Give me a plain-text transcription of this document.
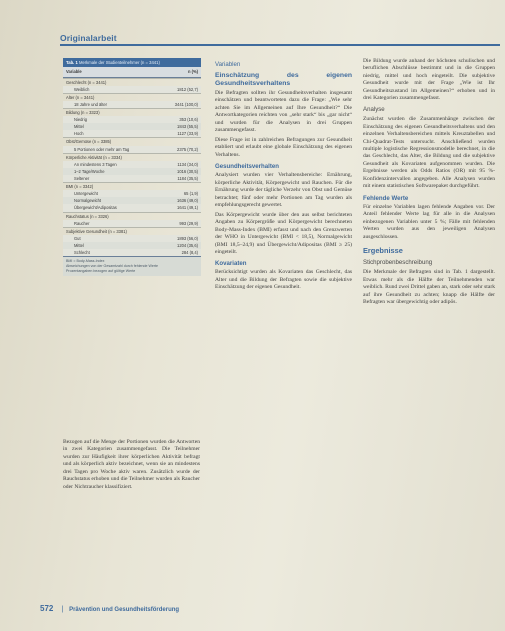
Originalarbeit
Tab. 1 Merkmale der Studienteilnehmer (n = 3441)
Variable	n (%)
Geschlecht (n = 3441)
Weiblich	1812 (52,7)
Alter (n = 3441)
18 Jahre und älter	3441 (100,0)
Bildung (n = 3323)
Niedrig	353 (10,6)
Mittel	1843 (55,5)
Hoch	1127 (33,9)
Obst/Gemüse (n = 3385)
5 Portionen oder mehr am Tag	2375 (70,2)
Körperliche Aktivität (n = 3334)
An mindestens 3 Tagen	1134 (34,0)
1–2 Tage/Woche	1016 (30,5)
Seltener	1184 (35,5)
BMI (n = 3342)
Untergewicht	65 (1,9)
Normalgewicht	1636 (49,0)
Übergewicht/Adipositas	1641 (49,1)
Rauchstatus (n = 3326)
Raucher	993 (29,9)
Subjektive Gesundheit (n = 3381)
Gut	1893 (56,0)
Mittel	1204 (35,6)
Schlecht	284 (8,4)
BMI = Body-Mass-Index
Abweichungen von der Gesamtzahl durch fehlende Werte
Prozentangaben bezogen auf gültige Werte

Bezogen auf die Menge der Portionen wurden die Antworten in zwei Kategorien zusammengefasst. Die Teilnehmer wurden zur Häufigkeit ihrer körperlichen Aktivität befragt und als körperlich aktiv bezeichnet, wenn sie an mindestens drei Tagen pro Woche aktiv waren. Zusätzlich wurde der Rauchstatus erhoben und die Teilnehmer wurden als Raucher oder Nichtraucher klassifiziert.

Variablen
Einschätzung des eigenen Gesundheitsverhaltens

Die Befragten sollten ihr Gesundheitsverhalten insgesamt einschätzen und beantworteten dazu die Frage: „Wie sehr achten Sie im Allgemeinen auf Ihre Gesundheit?“ Die Antwortkategorien reichten von „sehr stark“ bis „gar nicht“ und wurden für die Analysen in drei Gruppen zusammengefasst.

Diese Frage ist in zahlreichen Befragungen zur Gesundheit etabliert und erlaubt eine globale Einschätzung des eigenen Verhaltens.

Gesundheitsverhalten

Analysiert wurden vier Verhaltensbereiche: Ernährung, körperliche Aktivität, Körpergewicht und Rauchen. Für die Ernährung wurde der tägliche Verzehr von Obst und Gemüse betrachtet; fünf oder mehr Portionen am Tag wurden als empfehlungsgerecht gewertet.

Das Körpergewicht wurde über den aus selbst berichteten Angaben zu Körpergröße und Körpergewicht berechneten Body-Mass-Index (BMI) erfasst und nach den Grenzwerten der WHO in Untergewicht (BMI < 18,5), Normalgewicht (BMI 18,5–24,9) und Übergewicht/Adipositas (BMI ≥ 25) eingeteilt.

Kovariaten

Berücksichtigt wurden als Kovariaten das Geschlecht, das Alter und die Bildung der Befragten sowie die subjektive Einschätzung der eigenen Gesundheit.

Die Bildung wurde anhand der höchsten schulischen und beruflichen Abschlüsse bestimmt und in die Gruppen niedrig, mittel und hoch eingeteilt. Die subjektive Gesundheit wurde mit der Frage „Wie ist Ihr Gesundheitszustand im Allgemeinen?“ erhoben und in drei Kategorien zusammengefasst.

Analyse

Zunächst wurden die Zusammenhänge zwischen der Einschätzung des eigenen Gesundheitsverhaltens und den einzelnen Verhaltensbereichen mittels Kreuztabellen und Chi-Quadrat-Tests untersucht. Anschließend wurden multiple logistische Regressionsmodelle berechnet, in die das Geschlecht, das Alter, die Bildung und die subjektive Gesundheit als Kovariaten aufgenommen wurden. Die Ergebnisse werden als Odds Ratios (OR) mit 95 %-Konfidenzintervallen angegeben. Alle Analysen wurden mit einem statistischen Softwarepaket durchgeführt.

Fehlende Werte

Für einzelne Variablen lagen fehlende Angaben vor. Der Anteil fehlender Werte lag für alle in die Analysen einbezogenen Variablen unter 5 %; Fälle mit fehlenden Werten wurden aus den jeweiligen Analysen ausgeschlossen.

Ergebnisse
Stichprobenbeschreibung

Die Merkmale der Befragten sind in Tab. 1 dargestellt. Etwas mehr als die Hälfte der Teilnehmenden war weiblich. Rund zwei Drittel gaben an, stark oder sehr stark auf ihre Gesundheit zu achten; knapp die Hälfte der Befragten war übergewichtig oder adipös.

572 | Prävention und Gesundheitsförderung
